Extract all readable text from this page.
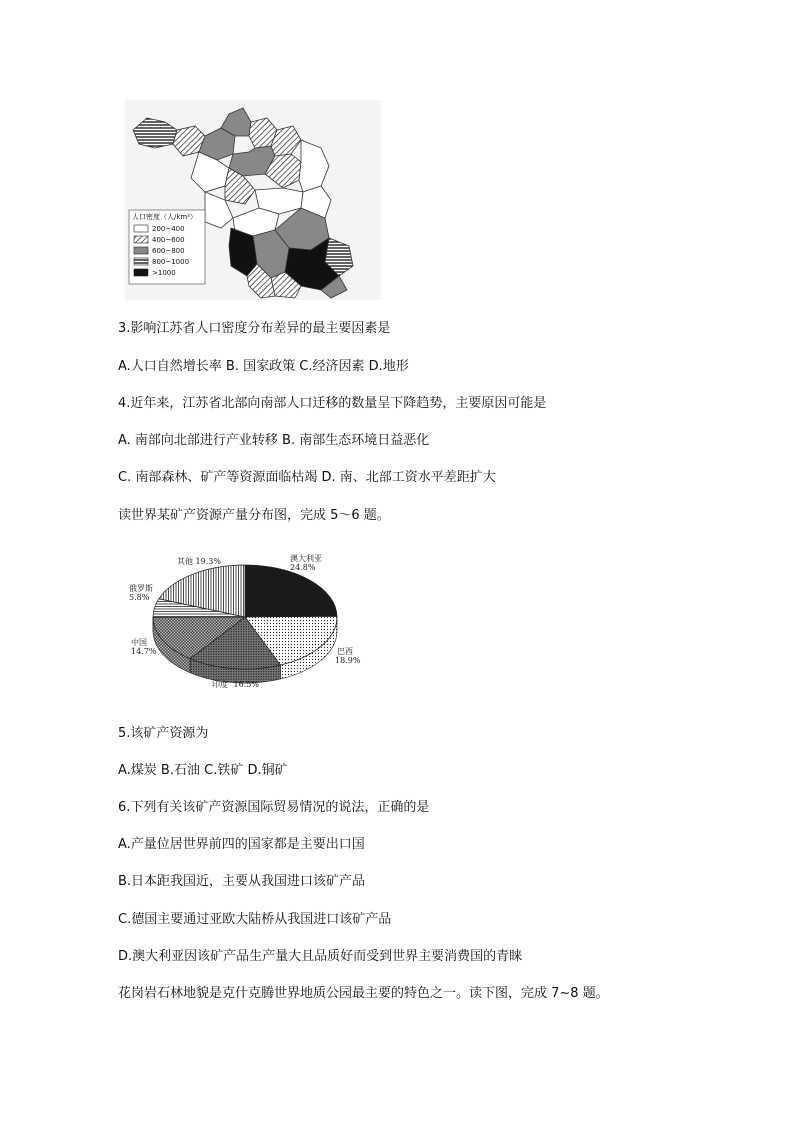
人口密度（人/km²）
200~400
400~600
600~800
800~1000
>1000
3.影响江苏省人口密度分布差异的最主要因素是
A.人口自然增长率 B. 国家政策 C.经济因素 D.地形
4.近年来，江苏省北部向南部人口迁移的数量呈下降趋势，主要原因可能是
A. 南部向北部进行产业转移 B. 南部生态环境日益恶化
C. 南部森林、矿产等资源面临枯竭 D. 南、北部工资水平差距扩大
读世界某矿产资源产量分布图，完成 5～6 题。
其他 19.3%	澳大利亚
24.8%
俄罗斯
5.8%
中国
14.7%	巴西
18.9%
印度 16.5%
5.该矿产资源为
A.煤炭 B.石油 C.铁矿 D.铜矿
6.下列有关该矿产资源国际贸易情况的说法，正确的是
A.产量位居世界前四的国家都是主要出口国
B.日本距我国近，主要从我国进口该矿产品
C.德国主要通过亚欧大陆桥从我国进口该矿产品
D.澳大利亚因该矿产品生产量大且品质好而受到世界主要消费国的青睐
花岗岩石林地貌是克什克腾世界地质公园最主要的特色之一。读下图，完成 7~8 题。
